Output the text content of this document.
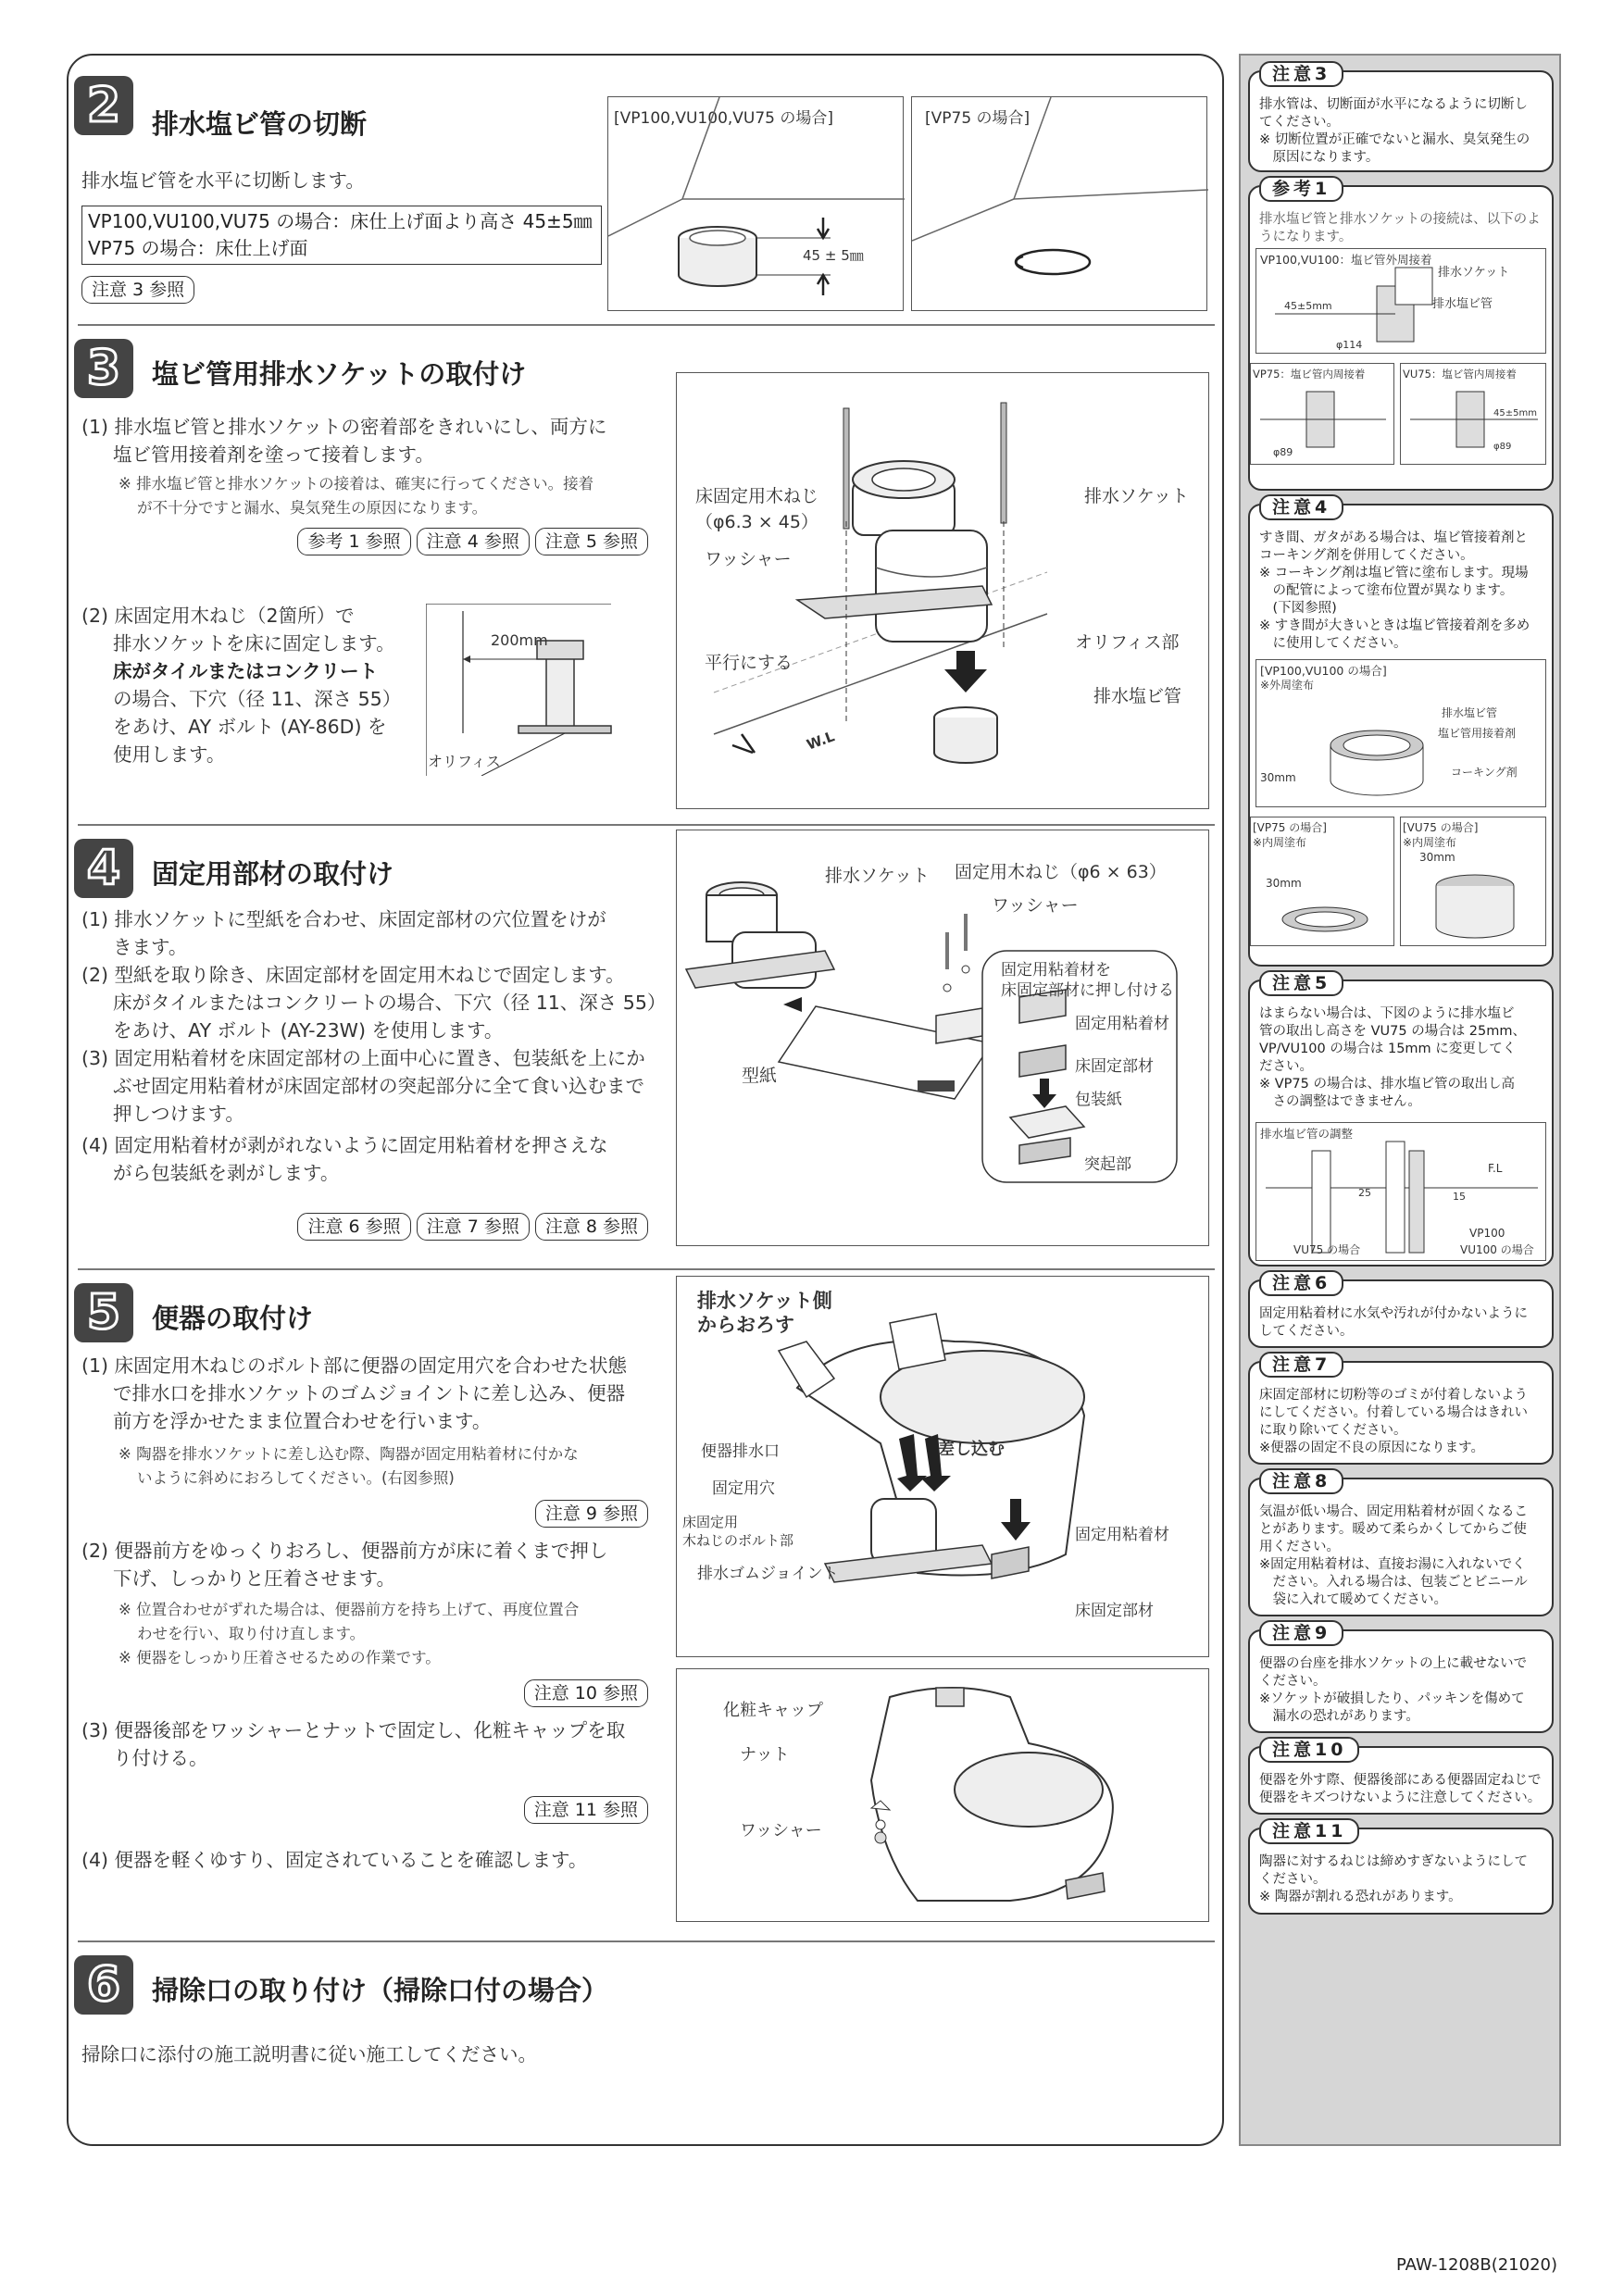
2 排水塩ビ管の切断
排水塩ビ管を水平に切断します。
VP100,VU100,VU75 の場合：床仕上げ面より高さ 45±5㎜
VP75 の場合：床仕上げ面
注意 3 参照
[VP100,VU100,VU75 の場合]
45 ± 5㎜
[VP75 の場合]
3 塩ビ管用排水ソケットの取付け
(1) 排水塩ビ管と排水ソケットの密着部をきれいにし、両方に
塩ビ管用接着剤を塗って接着します。
※ 排水塩ビ管と排水ソケットの接着は、確実に行ってください。接着
が不十分ですと漏水、臭気発生の原因になります。
参考 1 参照 注意 4 参照 注意 5 参照
(2) 床固定用木ねじ（2箇所）で
排水ソケットを床に固定します。
床がタイルまたはコンクリート
の場合、下穴（径 11、深さ 55）
をあけ、AY ボルト (AY-86D) を
使用します。
200mm
オリフィス
床固定用木ねじ
（φ6.3 × 45）
ワッシャー
排水ソケット
平行にする
オリフィス部
排水塩ビ管
W.L
4 固定用部材の取付け
(1) 排水ソケットに型紙を合わせ、床固定部材の穴位置をけが
きます。
(2) 型紙を取り除き、床固定部材を固定用木ねじで固定します。
床がタイルまたはコンクリートの場合、下穴（径 11、深さ 55）
をあけ、AY ボルト (AY-23W) を使用します。
(3) 固定用粘着材を床固定部材の上面中心に置き、包装紙を上にか
ぶせ固定用粘着材が床固定部材の突起部分に全て食い込むまで
押しつけます。
(4) 固定用粘着材が剥がれないように固定用粘着材を押さえな
がら包装紙を剥がします。
注意 6 参照 注意 7 参照 注意 8 参照
排水ソケット 固定用木ねじ（φ6 × 63）
ワッシャー
固定用粘着材を
床固定部材に押し付ける
固定用粘着材
床固定部材
包装紙
型紙
突起部
5 便器の取付け
(1) 床固定用木ねじのボルト部に便器の固定用穴を合わせた状態
で排水口を排水ソケットのゴムジョイントに差し込み、便器
前方を浮かせたまま位置合わせを行います。
※ 陶器を排水ソケットに差し込む際、陶器が固定用粘着材に付かな
いように斜めにおろしてください。(右図参照)
注意 9 参照
(2) 便器前方をゆっくりおろし、便器前方が床に着くまで押し
下げ、しっかりと圧着させます。
※ 位置合わせがずれた場合は、便器前方を持ち上げて、再度位置合
わせを行い、取り付け直します。
※ 便器をしっかり圧着させるための作業です。
注意 10 参照
(3) 便器後部をワッシャーとナットで固定し、化粧キャップを取
り付ける。
注意 11 参照
(4) 便器を軽くゆすり、固定されていることを確認します。
排水ソケット側
からおろす
便器排水口	差し込む
固定用穴
床固定用
木ねじのボルト部	固定用粘着材
排水ゴムジョイント
床固定部材
化粧キャップ
ナット
ワッシャー
6 掃除口の取り付け（掃除口付の場合）
掃除口に添付の施工説明書に従い施工してください。
注意3

排水管は、切断面が水平になるように切断し

てください。

※ 切断位置が正確でないと漏水、臭気発生の

　原因になります。

参考1

排水塩ビ管と排水ソケットの接続は、以下のよ

うになります。

VP100,VU100：塩ビ管外周接着
排水ソケット
排水塩ビ管
45±5mm
φ114
VP75：塩ビ管内周接着
φ89
VU75：塩ビ管内周接着
45±5mm
φ89
注意4

すき間、ガタがある場合は、塩ビ管接着剤と

コーキング剤を併用してください。

※ コーキング剤は塩ビ管に塗布します。現場

　の配管によって塗布位置が異なります。

　(下図参照)

※ すき間が大きいときは塩ビ管接着剤を多め

　に使用してください。

[VP100,VU100 の場合]
※外周塗布
排水塩ビ管
塩ビ管用接着剤
コーキング剤
30mm
[VP75 の場合]
※内周塗布
30mm
[VU75 の場合]
※内周塗布
30mm
注意5

はまらない場合は、下図のように排水塩ビ

管の取出し高さを VU75 の場合は 25mm、

VP/VU100 の場合は 15mm に変更してく

ださい。

※ VP75 の場合は、排水塩ビ管の取出し高

　さの調整はできません。

排水塩ビ管の調整
F.L
25	15
VU75 の場合
VP100
VU100 の場合
注意6

固定用粘着材に水気や汚れが付かないように

してください。

注意7

床固定部材に切粉等のゴミが付着しないよう

にしてください。付着している場合はきれい

に取り除いてください。

※便器の固定不良の原因になります。

注意8

気温が低い場合、固定用粘着材が固くなるこ

とがあります。暖めて柔らかくしてからご使

用ください。

※固定用粘着材は、直接お湯に入れないでく

　ださい。入れる場合は、包装ごとビニール

　袋に入れて暖めてください。

注意9

便器の台座を排水ソケットの上に載せないで

ください。

※ソケットが破損したり、パッキンを傷めて

　漏水の恐れがあります。

注意10

便器を外す際、便器後部にある便器固定ねじで

便器をキズつけないように注意してください。

注意11

陶器に対するねじは締めすぎないようにして

ください。

※ 陶器が割れる恐れがあります。

PAW-1208B(21020)
